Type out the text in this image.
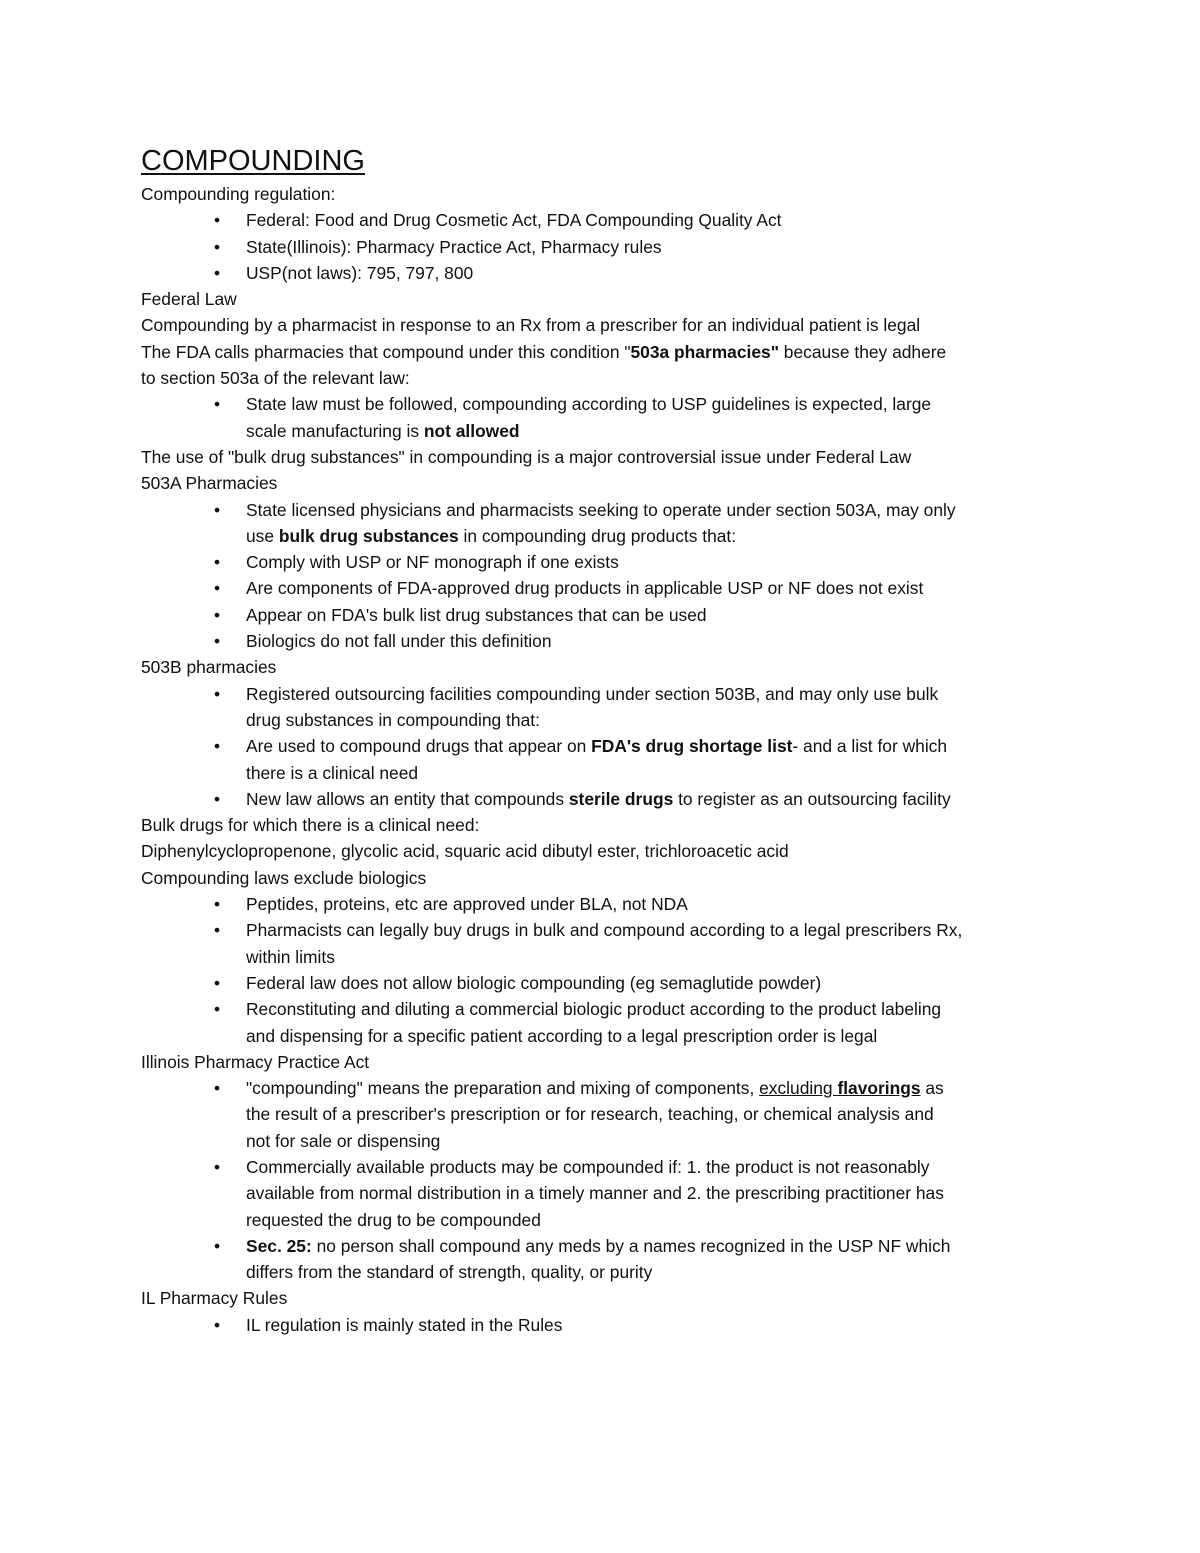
COMPOUNDING
Compounding regulation:
• Federal: Food and Drug Cosmetic Act, FDA Compounding Quality Act
• State(Illinois): Pharmacy Practice Act, Pharmacy rules
• USP(not laws): 795, 797, 800
Federal Law
Compounding by a pharmacist in response to an Rx from a prescriber for an individual patient is legal
The FDA calls pharmacies that compound under this condition "503a pharmacies" because they adhere
to section 503a of the relevant law:
• State law must be followed, compounding according to USP guidelines is expected, large
scale manufacturing is not allowed
The use of "bulk drug substances" in compounding is a major controversial issue under Federal Law
503A Pharmacies
• State licensed physicians and pharmacists seeking to operate under section 503A, may only
use bulk drug substances in compounding drug products that:
• Comply with USP or NF monograph if one exists
• Are components of FDA-approved drug products in applicable USP or NF does not exist
• Appear on FDA's bulk list drug substances that can be used
• Biologics do not fall under this definition
503B pharmacies
• Registered outsourcing facilities compounding under section 503B, and may only use bulk
drug substances in compounding that:
• Are used to compound drugs that appear on FDA's drug shortage list- and a list for which
there is a clinical need
• New law allows an entity that compounds sterile drugs to register as an outsourcing facility
Bulk drugs for which there is a clinical need:
Diphenylcyclopropenone, glycolic acid, squaric acid dibutyl ester, trichloroacetic acid
Compounding laws exclude biologics
• Peptides, proteins, etc are approved under BLA, not NDA
• Pharmacists can legally buy drugs in bulk and compound according to a legal prescribers Rx,
within limits
• Federal law does not allow biologic compounding (eg semaglutide powder)
• Reconstituting and diluting a commercial biologic product according to the product labeling
and dispensing for a specific patient according to a legal prescription order is legal
Illinois Pharmacy Practice Act
• "compounding" means the preparation and mixing of components, excluding flavorings as
the result of a prescriber's prescription or for research, teaching, or chemical analysis and
not for sale or dispensing
• Commercially available products may be compounded if: 1. the product is not reasonably
available from normal distribution in a timely manner and 2. the prescribing practitioner has
requested the drug to be compounded
• Sec. 25: no person shall compound any meds by a names recognized in the USP NF which
differs from the standard of strength, quality, or purity
IL Pharmacy Rules
• IL regulation is mainly stated in the Rules
